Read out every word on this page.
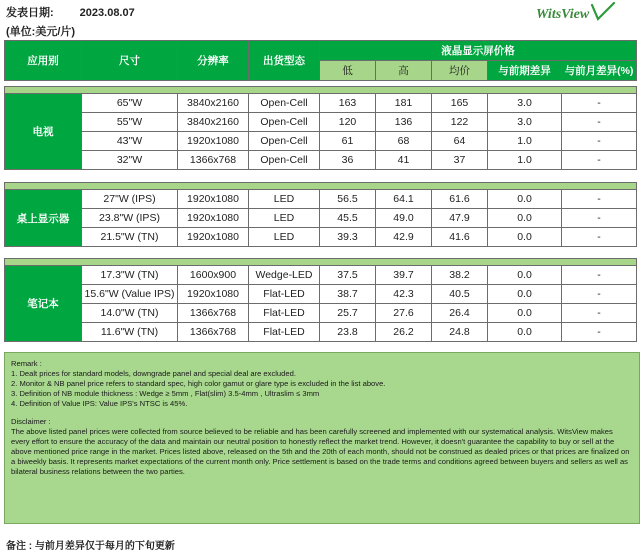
发表日期: 2023.08.07
(单位:美元/片)
WitsView
应用别	尺寸	分辨率	出货型态	液晶显示屏价格				
				低	高	均价	与前期差异	与前月差异(%)

电视	65"W	3840x2160	Open-Cell	163	181	165	3.0	-
	55"W	3840x2160	Open-Cell	120	136	122	3.0	-
	43"W	1920x1080	Open-Cell	61	68	64	1.0	-
	32"W	1366x768	Open-Cell	36	41	37	1.0	-

桌上显示器	27"W (IPS)	1920x1080	LED	56.5	64.1	61.6	0.0	-
	23.8"W (IPS)	1920x1080	LED	45.5	49.0	47.9	0.0	-
	21.5"W (TN)	1920x1080	LED	39.3	42.9	41.6	0.0	-

笔记本	17.3"W (TN)	1600x900	Wedge-LED	37.5	39.7	38.2	0.0	-
	15.6"W (Value IPS)	1920x1080	Flat-LED	38.7	42.3	40.5	0.0	-
	14.0"W (TN)	1366x768	Flat-LED	25.7	27.6	26.4	0.0	-
	11.6"W (TN)	1366x768	Flat-LED	23.8	26.2	24.8	0.0	-

Remark :

1. Dealt prices for standard models, downgrade panel and special deal are excluded.

2. Monitor & NB panel price refers to standard spec, high color gamut or glare type is excluded in the list above.

3. Definition of NB module thickness : Wedge ≥ 5mm , Flat(slim) 3.5-4mm , Ultraslim ≤ 3mm

4. Definition of Value IPS: Value IPS's NTSC is 45%.

Disclaimer :

The above listed panel prices were collected from source believed to be reliable and has been carefully screened and implemented with our systematical analysis. WitsView makes every effort to ensure the accuracy of the data and maintain our neutral position to honestly reflect the market trend. However, it doesn't guarantee the capability to buy or sell at the above mentioned price range in the market. Prices listed above, released on the 5th and the 20th of each month, should not be construed as dealed prices or that prices are finalized on a biweekly basis. It represents market expectations of the current month only. Price settlement is based on the trade terms and conditions agreed between buyers and sellers as well as bilateral business relations between the two parties.

备注 : 与前月差异仅于每月的下旬更新
